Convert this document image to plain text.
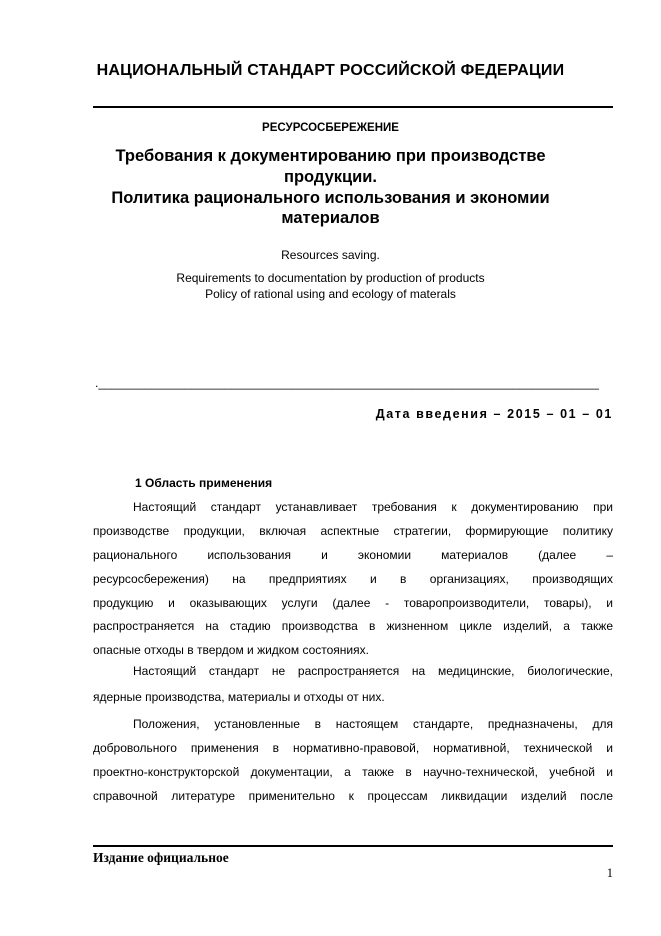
НАЦИОНАЛЬНЫЙ СТАНДАРТ РОССИЙСКОЙ ФЕДЕРАЦИИ
РЕСУРСОСБЕРЕЖЕНИЕ
Требования к документированию при производстве
продукции.
Политика рационального использования и экономии
материалов
Resources saving.
Requirements to documentation by production of products
Policy of rational using and ecology of materals
.___________________________________________________________________________
Дата введения – 2015 – 01 – 01
1 Область применения
Настоящий стандарт устанавливает требования к документированию при
производстве продукции, включая аспектные стратегии, формирующие политику
рационального использования и экономии материалов (далее –
ресурсосбережения) на предприятиях и в организациях, производящих
продукцию и оказывающих услуги (далее - товаропроизводители, товары), и
распространяется на стадию производства в жизненном цикле изделий, а также
опасные отходы в твердом и жидком состояниях.
Настоящий стандарт не распространяется на медицинские, биологические,
ядерные производства, материалы и отходы от них.
Положения, установленные в настоящем стандарте, предназначены, для
добровольного применения в нормативно-правовой, нормативной, технической и
проектно-конструкторской документации, а также в научно-технической, учебной и
справочной литературе применительно к процессам ликвидации изделий после
Издание официальное
1
